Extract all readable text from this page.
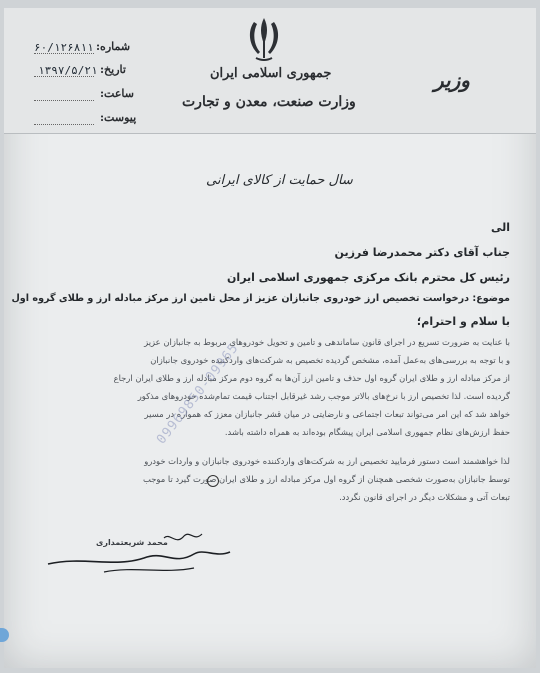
جمهوری اسلامی ایران
وزارت صنعت، معدن و تجارت
وزیر
شماره:
۶۰/۱۲۶۸۱۱
تاریخ:
۱۳۹۷/۵/۲۱
ساعت:
پیوست:
سال حمایت از کالای ایرانی
الی
جناب آقای دکتر محمدرضا فرزین
رئیس کل محترم بانک مرکزی جمهوری اسلامی ایران
موضوع: درخواست تخصیص ارز خودروی جانبازان عزیز از محل تامین ارز مرکز مبادله ارز و طلای گروه اول
با سلام و احترام؛
با عنایت به ضرورت تسریع در اجرای قانون ساماندهی و تامین و تحویل خودروهای مربوط به جانبازان عزیز
و با توجه به بررسی‌های به‌عمل آمده، مشخص گردیده تخصیص به شرکت‌های واردکننده خودروی جانبازان
از مرکز مبادله ارز و طلای ایران گروه اول حذف و تامین ارز آن‌ها به گروه دوم مرکز مبادله ارز و طلای ایران ارجاع
گردیده است. لذا تخصیص ارز با نرخ‌های بالاتر موجب رشد غیرقابل اجتناب قیمت تمام‌شده خودروهای مذکور
خواهد شد که این امر می‌تواند تبعات اجتماعی و نارضایتی در میان قشر جانبازان معزز که همواره در مسیر
حفظ ارزش‌های نظام جمهوری اسلامی ایران پیشگام بوده‌اند به همراه داشته باشد.
لذا خواهشمند است دستور فرمایید تخصیص ارز به شرکت‌های واردکننده خودروی جانبازان و واردات خودرو
توسط جانبازان به‌صورت شخصی همچنان از گروه اول مرکز مبادله ارز و طلای ایران صورت گیرد تا موجب
تبعات آتی و مشکلات دیگر در اجرای قانون نگردد.
محمد شریعتمداری
09969850-09965
